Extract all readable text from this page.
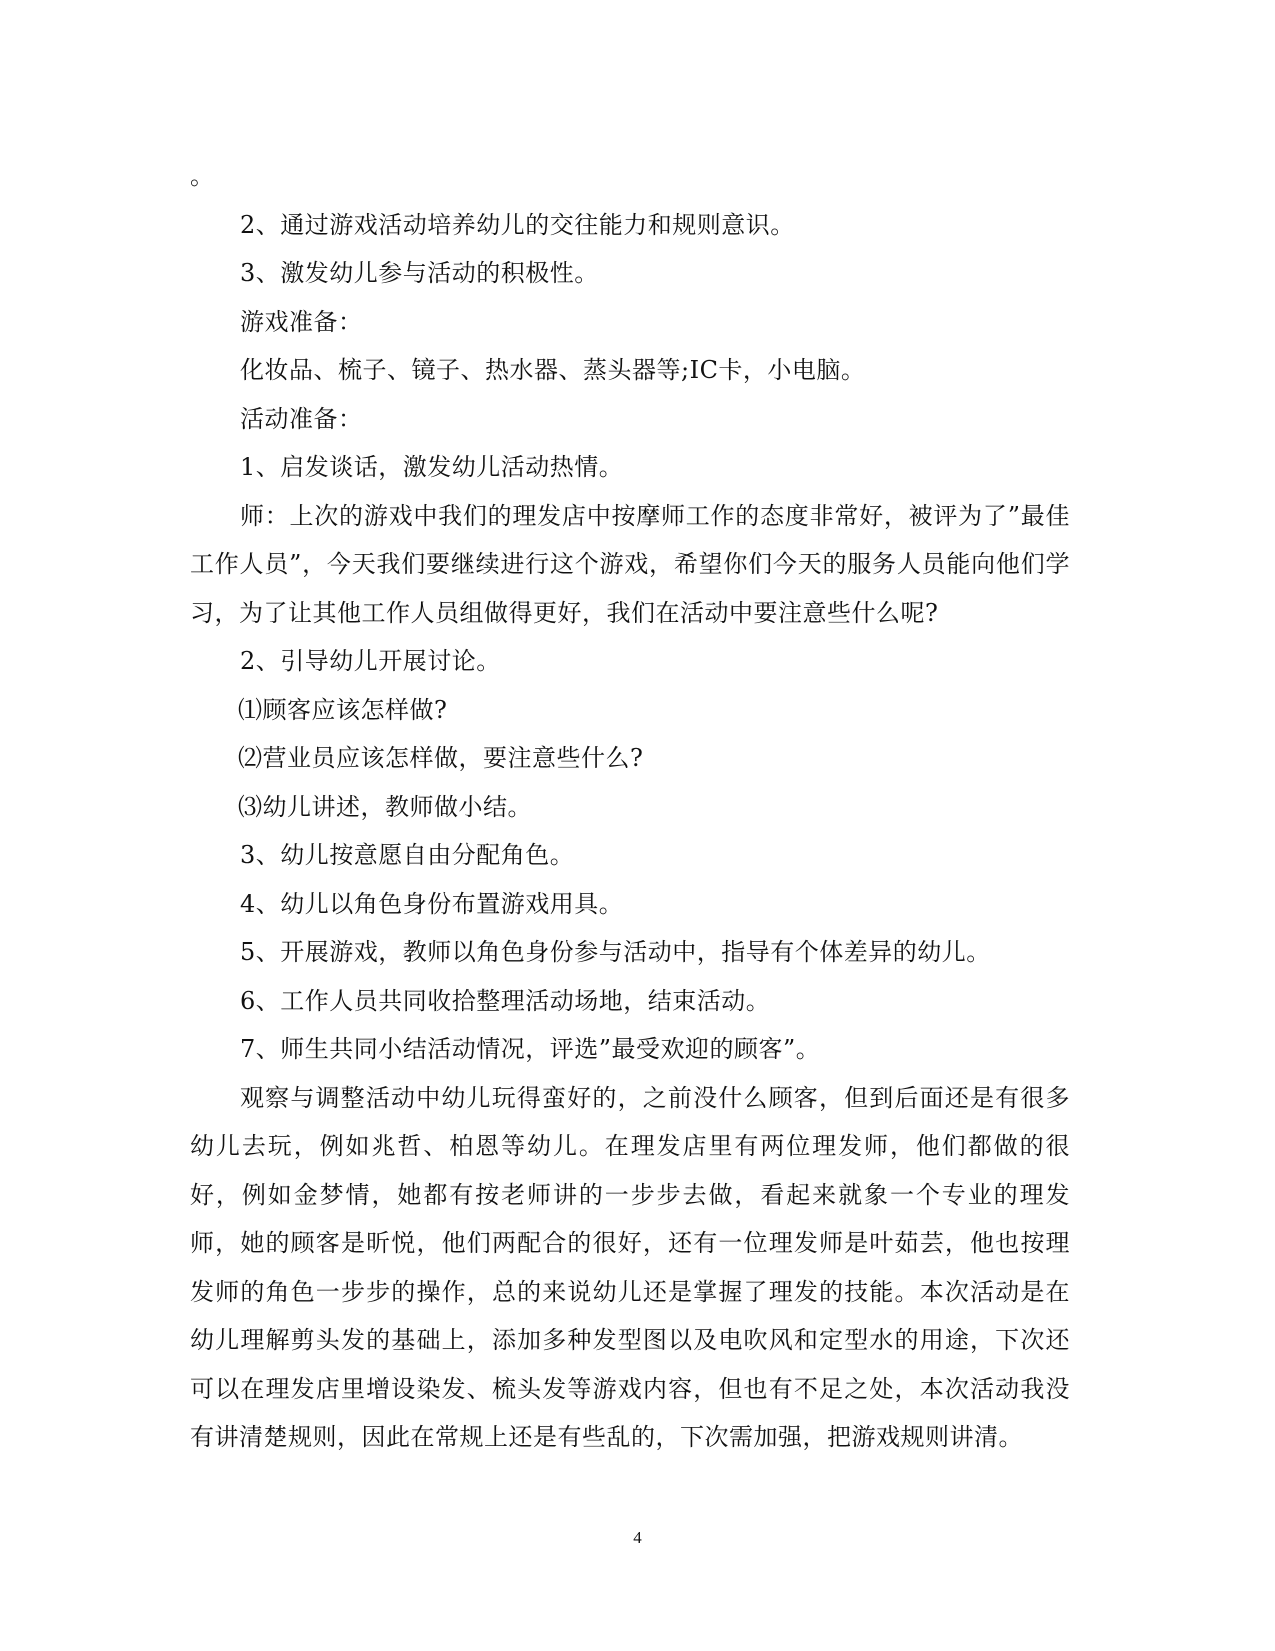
。

2、通过游戏活动培养幼儿的交往能力和规则意识。

3、激发幼儿参与活动的积极性。

游戏准备：

化妆品、梳子、镜子、热水器、蒸头器等;IC卡，小电脑。

活动准备：

1、启发谈话，激发幼儿活动热情。

师：上次的游戏中我们的理发店中按摩师工作的态度非常好，被评为了”最佳工作人员”，今天我们要继续进行这个游戏，希望你们今天的服务人员能向他们学习，为了让其他工作人员组做得更好，我们在活动中要注意些什么呢?

2、引导幼儿开展讨论。

⑴顾客应该怎样做?

⑵营业员应该怎样做，要注意些什么?

⑶幼儿讲述，教师做小结。

3、幼儿按意愿自由分配角色。

4、幼儿以角色身份布置游戏用具。

5、开展游戏，教师以角色身份参与活动中，指导有个体差异的幼儿。

6、工作人员共同收拾整理活动场地，结束活动。

7、师生共同小结活动情况，评选”最受欢迎的顾客”。

观察与调整活动中幼儿玩得蛮好的，之前没什么顾客，但到后面还是有很多幼儿去玩，例如兆哲、柏恩等幼儿。在理发店里有两位理发师，他们都做的很好，例如金梦情，她都有按老师讲的一步步去做，看起来就象一个专业的理发师，她的顾客是昕悦，他们两配合的很好，还有一位理发师是叶茹芸，他也按理发师的角色一步步的操作，总的来说幼儿还是掌握了理发的技能。本次活动是在幼儿理解剪头发的基础上，添加多种发型图以及电吹风和定型水的用途，下次还可以在理发店里增设染发、梳头发等游戏内容，但也有不足之处，本次活动我没有讲清楚规则，因此在常规上还是有些乱的，下次需加强，把游戏规则讲清。

4
